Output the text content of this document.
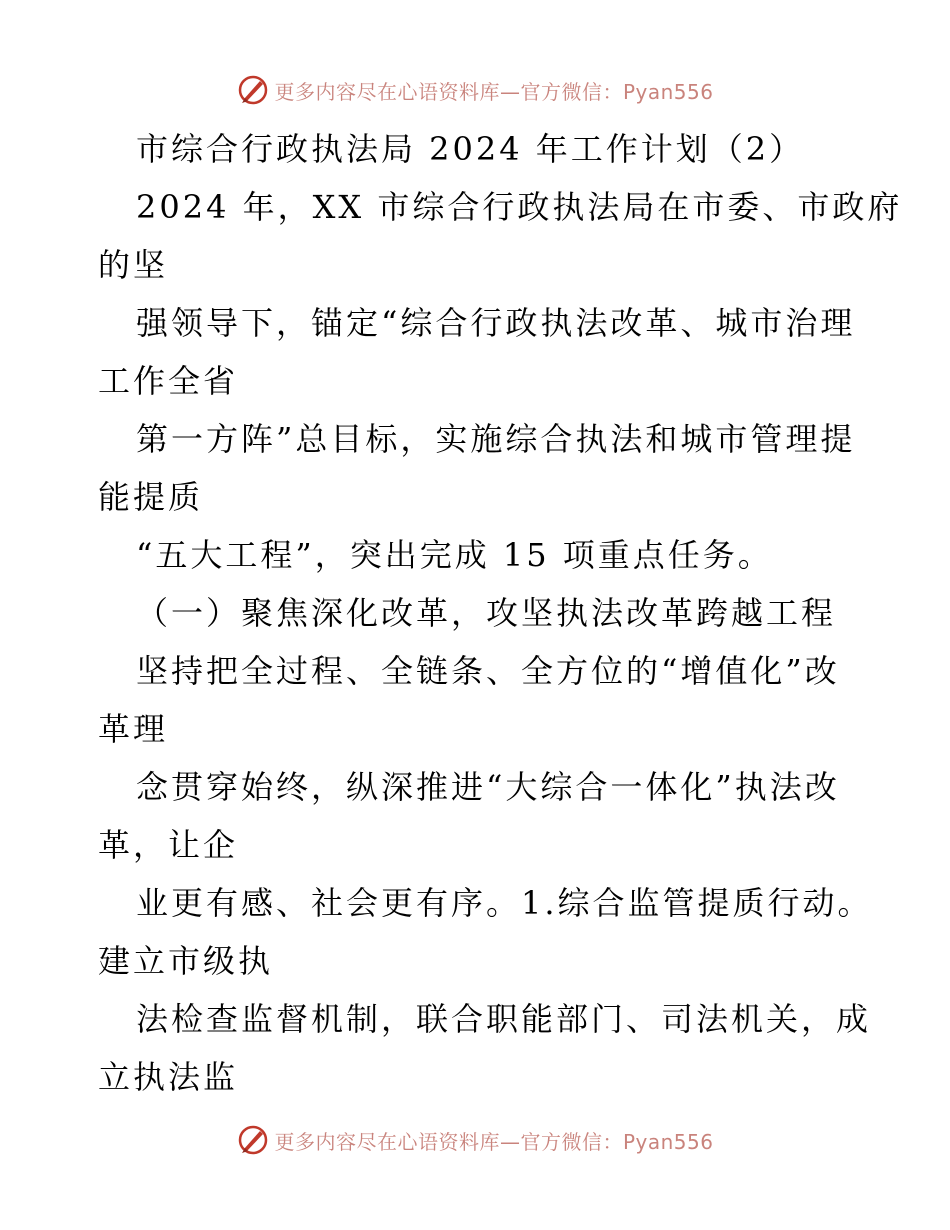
更多内容尽在心语资料库—官方微信：Pyan556
市综合行政执法局 2024 年工作计划（2）
2024 年，XX 市综合行政执法局在市委、市政府
的坚
强领导下，锚定“综合行政执法改革、城市治理
工作全省
第一方阵”总目标，实施综合执法和城市管理提
能提质
“五大工程”，突出完成 15 项重点任务。
（一）聚焦深化改革，攻坚执法改革跨越工程
坚持把全过程、全链条、全方位的“增值化”改
革理
念贯穿始终，纵深推进“大综合一体化”执法改
革，让企
业更有感、社会更有序。1.综合监管提质行动。
建立市级执
法检查监督机制，联合职能部门、司法机关，成
立执法监
更多内容尽在心语资料库—官方微信：Pyan556
